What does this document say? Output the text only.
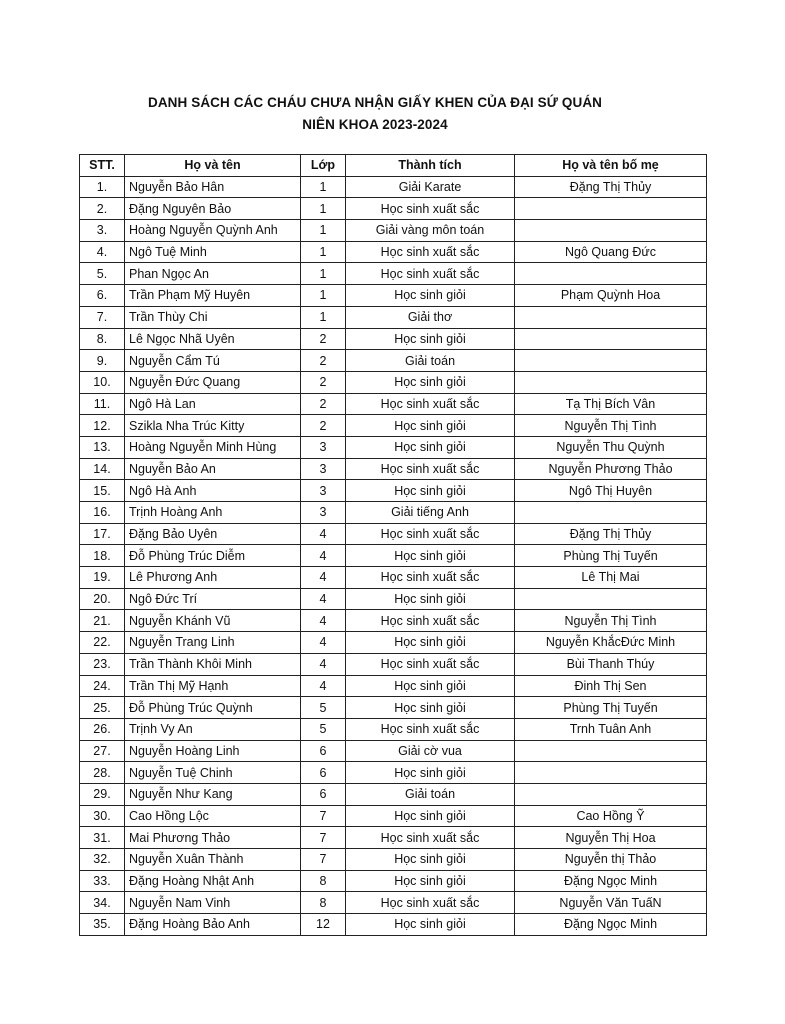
DANH SÁCH CÁC CHÁU CHƯA NHẬN GIẤY KHEN CỦA ĐẠI SỨ QUÁN
NIÊN KHOA 2023-2024
STT.	Họ và tên	Lớp	Thành tích	Họ và tên bố mẹ
1.	Nguyễn Bảo Hân	1	Giải Karate	Đặng Thị Thủy
2.	Đặng Nguyên Bảo	1	Học sinh xuất sắc	
3.	Hoàng Nguyễn Quỳnh Anh	1	Giải vàng môn toán	
4.	Ngô Tuệ Minh	1	Học sinh xuất sắc	Ngô Quang Đức
5.	Phan Ngọc An	1	Học sinh xuất sắc	
6.	Trần Phạm Mỹ Huyên	1	Học sinh giỏi	Phạm Quỳnh Hoa
7.	Trần Thùy Chi	1	Giải thơ	
8.	Lê Ngọc Nhã Uyên	2	Học sinh giỏi	
9.	Nguyễn Cẩm Tú	2	Giải toán	
10.	Nguyễn Đức Quang	2	Học sinh giỏi	
11.	Ngô Hà Lan	2	Học sinh xuất sắc	Tạ Thị Bích Vân
12.	Szikla Nha Trúc Kitty	2	Học sinh giỏi	Nguyễn Thị Tình
13.	Hoàng Nguyễn Minh Hùng	3	Học sinh giỏi	Nguyễn Thu Quỳnh
14.	Nguyễn Bảo An	3	Học sinh xuất sắc	Nguyễn Phương Thảo
15.	Ngô Hà Anh	3	Học sinh giỏi	Ngô Thị Huyên
16.	Trịnh Hoàng Anh	3	Giải tiếng Anh	
17.	Đặng Bảo Uyên	4	Học sinh xuất sắc	Đặng Thị Thủy
18.	Đỗ Phùng Trúc Diễm	4	Học sinh giỏi	Phùng Thị Tuyến
19.	Lê Phương Anh	4	Học sinh xuất sắc	Lê Thị Mai
20.	Ngô Đức Trí	4	Học sinh giỏi	
21.	Nguyễn Khánh Vũ	4	Học sinh xuất sắc	Nguyễn Thị Tình
22.	Nguyễn Trang Linh	4	Học sinh giỏi	Nguyễn KhắcĐức Minh
23.	Trần Thành Khôi Minh	4	Học sinh xuất sắc	Bùi Thanh Thúy
24.	Trần Thị Mỹ Hạnh	4	Học sinh giỏi	Đinh Thị Sen
25.	Đỗ Phùng Trúc Quỳnh	5	Học sinh giỏi	Phùng Thị Tuyến
26.	Trịnh Vy An	5	Học sinh xuất sắc	Trnh Tuân Anh
27.	Nguyễn Hoàng Linh	6	Giải cờ vua	
28.	Nguyễn Tuệ Chinh	6	Học sinh giỏi	
29.	Nguyễn Như Kang	6	Giải toán	
30.	Cao Hồng Lộc	7	Học sinh giỏi	Cao Hồng Ỹ
31.	Mai Phương Thảo	7	Học sinh xuất sắc	Nguyễn Thị Hoa
32.	Nguyễn Xuân Thành	7	Học sinh giỏi	Nguyễn thị Thảo
33.	Đặng Hoàng Nhật Anh	8	Học sinh giỏi	Đặng Ngọc Minh
34.	Nguyễn Nam Vinh	8	Học sinh xuất sắc	Nguyễn Văn TuấN
35.	Đặng Hoàng Bảo Anh	12	Học sinh giỏi	Đặng Ngọc Minh
